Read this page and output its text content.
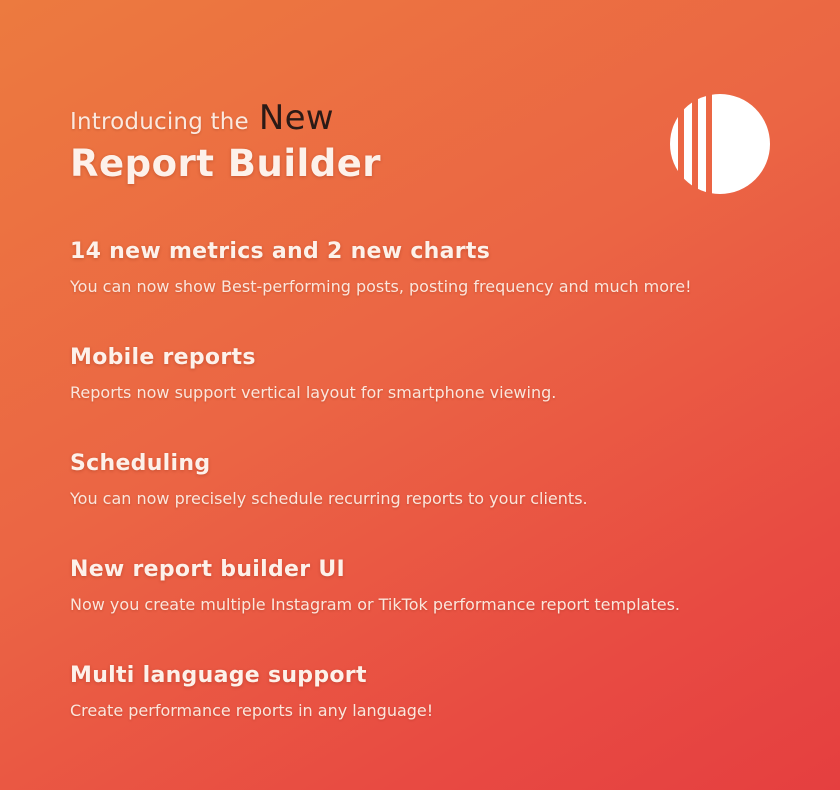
Introducing the New
Report Builder
14 new metrics and 2 new charts
You can now show Best-performing posts, posting frequency and much more!
Mobile reports
Reports now support vertical layout for smartphone viewing.
Scheduling
You can now precisely schedule recurring reports to your clients.
New report builder UI
Now you create multiple Instagram or TikTok performance report templates.
Multi language support
Create performance reports in any language!
